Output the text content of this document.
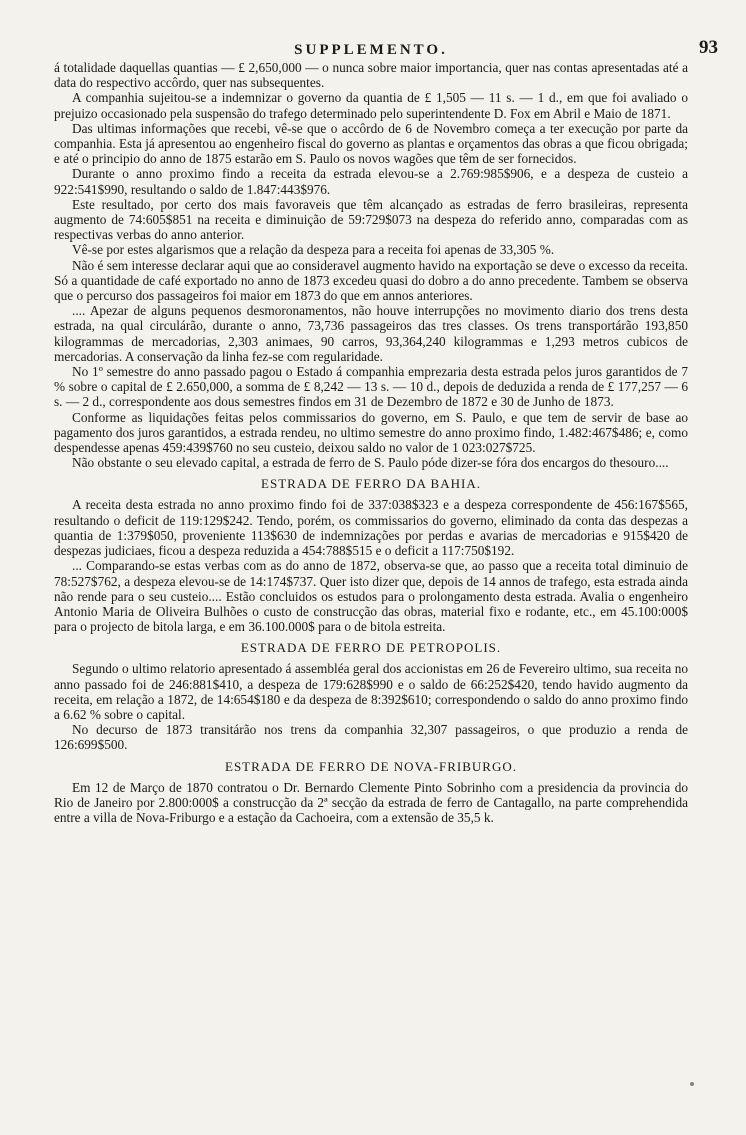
SUPPLEMENTO.	93

á totalidade daquellas quantias — £ 2,650,000 — o nunca sobre maior importancia, quer nas contas apresentadas até a data do respectivo accôrdo, quer nas subsequentes.

A companhia sujeitou-se a indemnizar o governo da quantia de £ 1,505 — 11 s. — 1 d., em que foi avaliado o prejuizo occasionado pela suspensão do trafego determinado pelo superintendente D. Fox em Abril e Maio de 1871.

Das ultimas informações que recebi, vê-se que o accôrdo de 6 de Novembro começa a ter execução por parte da companhia. Esta já apresentou ao engenheiro fiscal do governo as plantas e orçamentos das obras a que ficou obrigada; e até o principio do anno de 1875 estarão em S. Paulo os novos wagões que têm de ser fornecidos.

Durante o anno proximo findo a receita da estrada elevou-se a 2.769:985$906, e a despeza de custeio a 922:541$990, resultando o saldo de 1.847:443$976.

Este resultado, por certo dos mais favoraveis que têm alcançado as estradas de ferro brasileiras, representa augmento de 74:605$851 na receita e diminuição de 59:729$073 na despeza do referido anno, comparadas com as respectivas verbas do anno anterior.

Vê-se por estes algarismos que a relação da despeza para a receita foi apenas de 33,305 %.

Não é sem interesse declarar aqui que ao consideravel augmento havido na exportação se deve o excesso da receita. Só a quantidade de café exportado no anno de 1873 excedeu quasi do dobro a do anno precedente. Tambem se observa que o percurso dos passageiros foi maior em 1873 do que em annos anteriores.

.... Apezar de alguns pequenos desmoronamentos, não houve interrupções no movimento diario dos trens desta estrada, na qual circulárão, durante o anno, 73,736 passageiros das tres classes. Os trens transportárão 193,850 kilogrammas de mercadorias, 2,303 animaes, 90 carros, 93,364,240 kilogrammas e 1,293 metros cubicos de mercadorias. A conservação da linha fez-se com regularidade.

No 1º semestre do anno passado pagou o Estado á companhia emprezaria desta estrada pelos juros garantidos de 7 % sobre o capital de £ 2.650,000, a somma de £ 8,242 — 13 s. — 10 d., depois de deduzida a renda de £ 177,257 — 6 s. — 2 d., correspondente aos dous semestres findos em 31 de Dezembro de 1872 e 30 de Junho de 1873.

Conforme as liquidações feitas pelos commissarios do governo, em S. Paulo, e que tem de servir de base ao pagamento dos juros garantidos, a estrada rendeu, no ultimo semestre do anno proximo findo, 1.482:467$486; e, como despendesse apenas 459:439$760 no seu custeio, deixou saldo no valor de 1 023:027$725.

Não obstante o seu elevado capital, a estrada de ferro de S. Paulo póde dizer-se fóra dos encargos do thesouro....

ESTRADA DE FERRO DA BAHIA.

A receita desta estrada no anno proximo findo foi de 337:038$323 e a despeza correspondente de 456:167$565, resultando o deficit de 119:129$242. Tendo, porém, os commissarios do governo, eliminado da conta das despezas a quantia de 1:379$050, proveniente 113$630 de indemnizações por perdas e avarias de mercadorias e 915$420 de despezas judiciaes, ficou a despeza reduzida a 454:788$515 e o deficit a 117:750$192.

... Comparando-se estas verbas com as do anno de 1872, observa-se que, ao passo que a receita total diminuio de 78:527$762, a despeza elevou-se de 14:174$737. Quer isto dizer que, depois de 14 annos de trafego, esta estrada ainda não rende para o seu custeio.... Estão concluidos os estudos para o prolongamento desta estrada. Avalia o engenheiro Antonio Maria de Oliveira Bulhões o custo de construcção das obras, material fixo e rodante, etc., em 45.100:000$ para o projecto de bitola larga, e em 36.100.000$ para o de bitola estreita.

ESTRADA DE FERRO DE PETROPOLIS.

Segundo o ultimo relatorio apresentado á assembléa geral dos accionistas em 26 de Fevereiro ultimo, sua receita no anno passado foi de 246:881$410, a despeza de 179:628$990 e o saldo de 66:252$420, tendo havido augmento da receita, em relação a 1872, de 14:654$180 e da despeza de 8:392$610; correspondendo o saldo do anno proximo findo a 6.62 % sobre o capital.

No decurso de 1873 transitárão nos trens da companhia 32,307 passageiros, o que produzio a renda de 126:699$500.

ESTRADA DE FERRO DE NOVA-FRIBURGO.

Em 12 de Março de 1870 contratou o Dr. Bernardo Clemente Pinto Sobrinho com a presidencia da provincia do Rio de Janeiro por 2.800:000$ a construcção da 2ª secção da estrada de ferro de Cantagallo, na parte comprehendida entre a villa de Nova-Friburgo e a estação da Cachoeira, com a extensão de 35,5 k.
